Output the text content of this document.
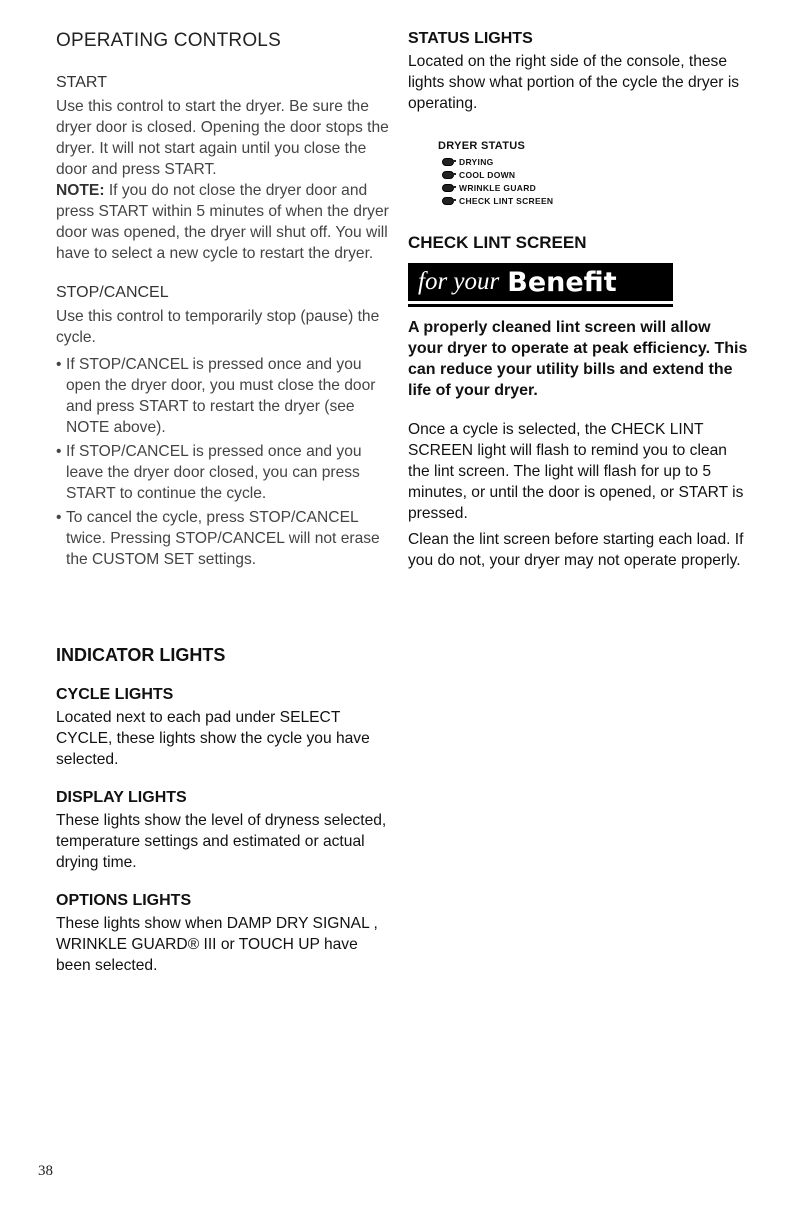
OPERATING CONTROLS
START

Use this control to start the dryer. Be sure the dryer door is closed. Opening the door stops the dryer. It will not start again until you close the door and press START.

NOTE: If you do not close the dryer door and press START within 5 minutes of when the dryer door was opened, the dryer will shut off. You will have to select a new cycle to restart the dryer.

STOP/CANCEL

Use this control to temporarily stop (pause) the cycle.

• If STOP/CANCEL is pressed once and you open the dryer door, you must close the door and press START to restart the dryer (see NOTE above).
• If STOP/CANCEL is pressed once and you leave the dryer door closed, you can press START to continue the cycle.
• To cancel the cycle, press STOP/CANCEL twice. Pressing STOP/CANCEL will not erase the CUSTOM SET settings.
INDICATOR LIGHTS
CYCLE LIGHTS

Located next to each pad under SELECT CYCLE, these lights show the cycle you have selected.

DISPLAY LIGHTS

These lights show the level of dryness selected, temperature settings and estimated or actual drying time.

OPTIONS LIGHTS

These lights show when DAMP DRY SIGNAL , WRINKLE GUARD® III or TOUCH UP have been selected.

STATUS LIGHTS

Located on the right side of the console, these lights show what portion of the cycle the dryer is operating.

DRYER STATUS
DRYING
COOL DOWN
WRINKLE GUARD
CHECK LINT SCREEN
CHECK LINT SCREEN
for your Benefit

A properly cleaned lint screen will allow your dryer to operate at peak efficiency. This can reduce your utility bills and extend the life of your dryer.

Once a cycle is selected, the CHECK LINT SCREEN light will flash to remind you to clean the lint screen. The light will flash for up to 5 minutes, or until the door is opened, or START is pressed.

Clean the lint screen before starting each load. If you do not, your dryer may not operate properly.

38
